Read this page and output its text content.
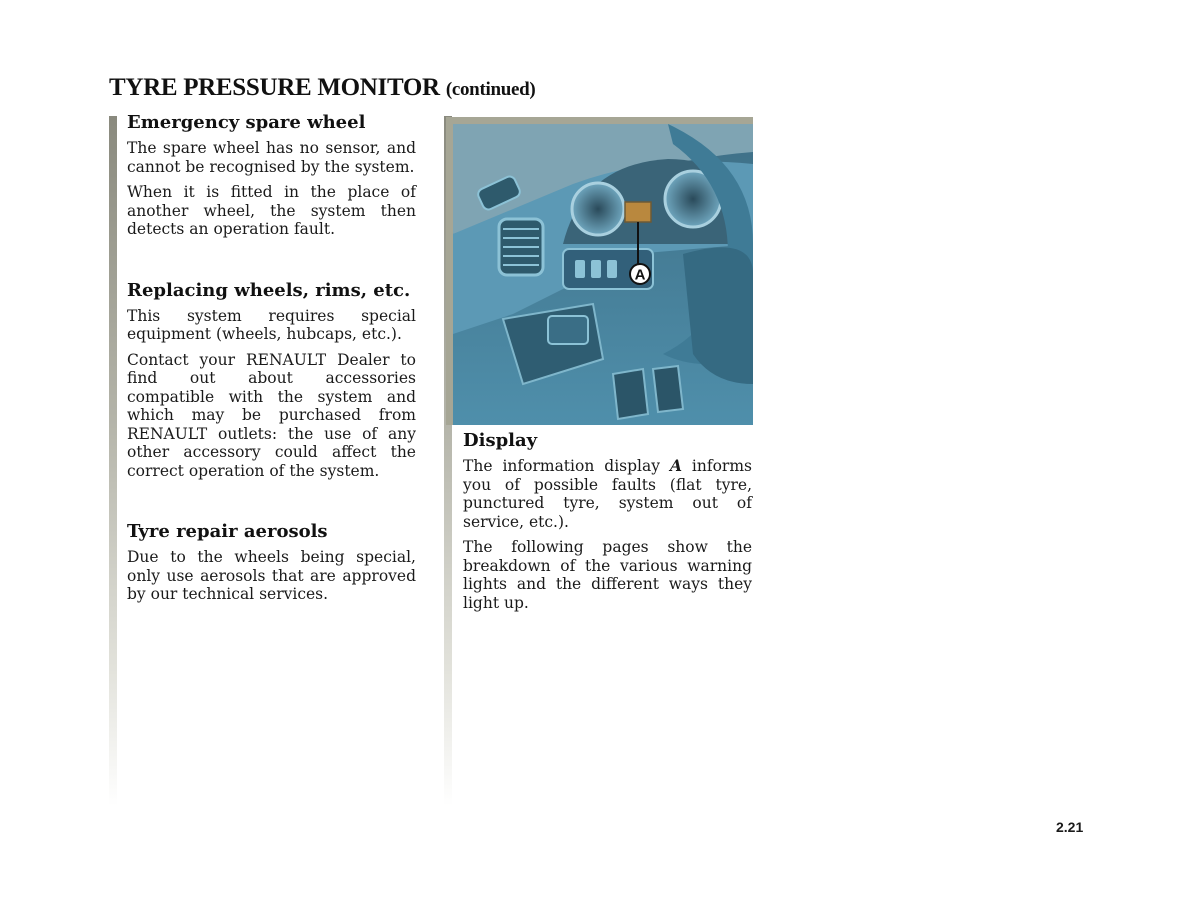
TYRE PRESSURE MONITOR (continued)
Emergency spare wheel

The spare wheel has no sensor, and cannot be recognised by the system.

When it is fitted in the place of another wheel, the system then detects an operation fault.

Replacing wheels, rims, etc.

This system requires special equipment (wheels, hubcaps, etc.).

Contact your RENAULT Dealer to find out about accessories compatible with the system and which may be purchased from RENAULT outlets: the use of any other accessory could affect the correct operation of the system.

Tyre repair aerosols

Due to the wheels being special, only use aerosols that are approved by our technical services.

A
Display

The information display A informs you of possible faults (flat tyre, punctured tyre, system out of service, etc.).

The following pages show the breakdown of the various warning lights and the different ways they light up.

2.21
